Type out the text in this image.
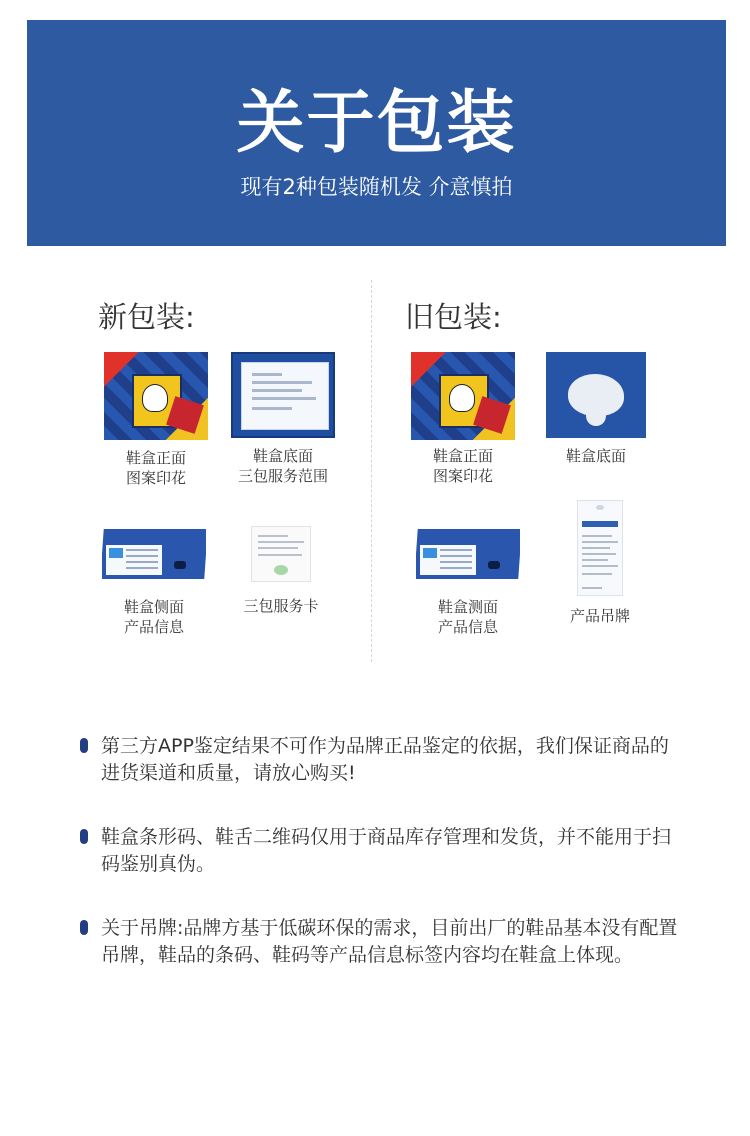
关于包装
现有2种包装随机发 介意慎拍
新包装:
鞋盒正面
图案印花
鞋盒底面
三包服务范围
鞋盒侧面
产品信息
三包服务卡
旧包装:
鞋盒正面
图案印花
鞋盒底面
鞋盒测面
产品信息
产品吊牌
第三方APP鉴定结果不可作为品牌正品鉴定的依据，我们保证商品的进货渠道和质量，请放心购买!
鞋盒条形码、鞋舌二维码仅用于商品库存管理和发货，并不能用于扫码鉴别真伪。
关于吊牌:品牌方基于低碳环保的需求，目前出厂的鞋品基本没有配置吊牌，鞋品的条码、鞋码等产品信息标签内容均在鞋盒上体现。
